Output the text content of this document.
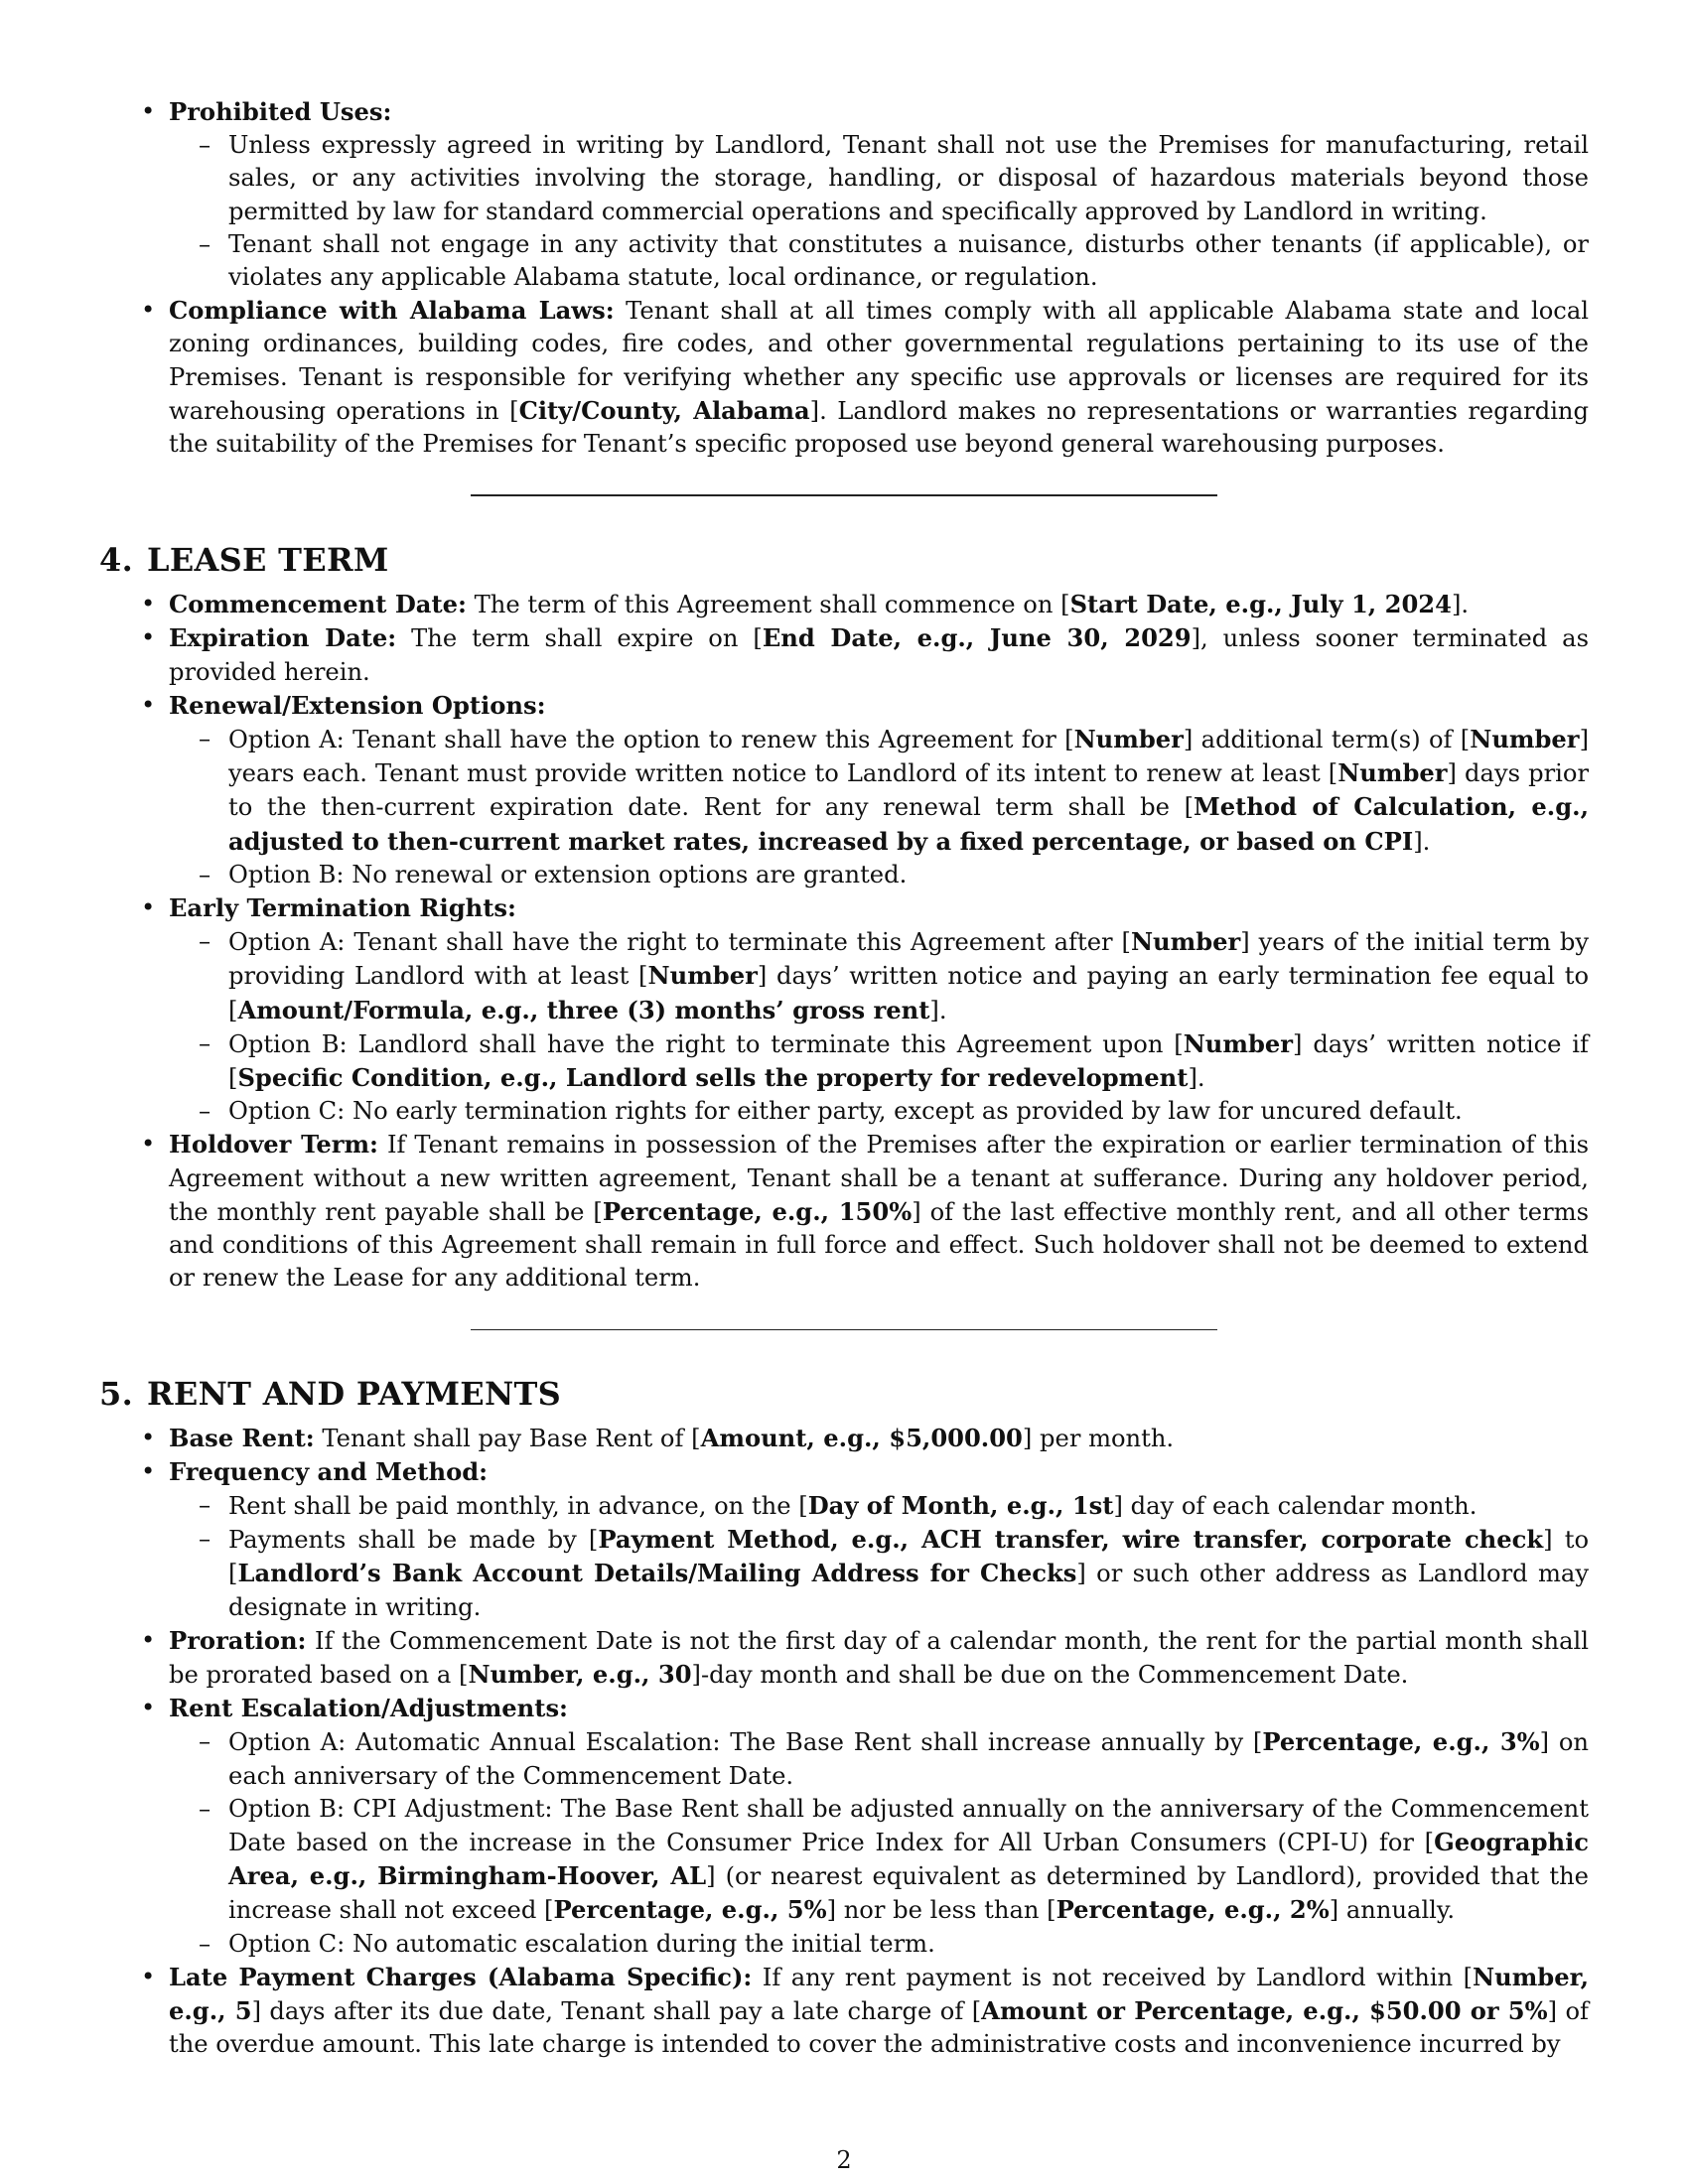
• Prohibited Uses:
– Unless expressly agreed in writing by Landlord, Tenant shall not use the Premises for manufacturing, retail sales, or any activities involving the storage, handling, or disposal of hazardous materials beyond those permitted by law for standard commercial operations and specifically approved by Landlord in writing.
– Tenant shall not engage in any activity that constitutes a nuisance, disturbs other tenants (if applicable), or violates any applicable Alabama statute, local ordinance, or regulation.
• Compliance with Alabama Laws: Tenant shall at all times comply with all applicable Alabama state and local zoning ordinances, building codes, fire codes, and other governmental regulations pertaining to its use of the Premises. Tenant is responsible for verifying whether any specific use approvals or licenses are required for its warehousing operations in [City/County, Alabama]. Landlord makes no representations or warranties regarding the suitability of the Premises for Tenant’s specific proposed use beyond general warehousing purposes.
4. LEASE TERM
• Commencement Date: The term of this Agreement shall commence on [Start Date, e.g., July 1, 2024].
• Expiration Date: The term shall expire on [End Date, e.g., June 30, 2029], unless sooner terminated as provided herein.
• Renewal/Extension Options:
– Option A: Tenant shall have the option to renew this Agreement for [Number] additional term(s) of [Number] years each. Tenant must provide written notice to Landlord of its intent to renew at least [Number] days prior to the then-current expiration date. Rent for any renewal term shall be [Method of Calculation, e.g., adjusted to then-current market rates, increased by a fixed percentage, or based on CPI].
– Option B: No renewal or extension options are granted.
• Early Termination Rights:
– Option A: Tenant shall have the right to terminate this Agreement after [Number] years of the initial term by providing Landlord with at least [Number] days’ written notice and paying an early termination fee equal to [Amount/Formula, e.g., three (3) months’ gross rent].
– Option B: Landlord shall have the right to terminate this Agreement upon [Number] days’ written notice if [Specific Condition, e.g., Landlord sells the property for redevelopment].
– Option C: No early termination rights for either party, except as provided by law for uncured default.
• Holdover Term: If Tenant remains in possession of the Premises after the expiration or earlier termination of this Agreement without a new written agreement, Tenant shall be a tenant at sufferance. During any holdover period, the monthly rent payable shall be [Percentage, e.g., 150%] of the last effective monthly rent, and all other terms and conditions of this Agreement shall remain in full force and effect. Such holdover shall not be deemed to extend or renew the Lease for any additional term.
5. RENT AND PAYMENTS
• Base Rent: Tenant shall pay Base Rent of [Amount, e.g., $5,000.00] per month.
• Frequency and Method:
– Rent shall be paid monthly, in advance, on the [Day of Month, e.g., 1st] day of each calendar month.
– Payments shall be made by [Payment Method, e.g., ACH transfer, wire transfer, corporate check] to [Landlord’s Bank Account Details/Mailing Address for Checks] or such other address as Landlord may designate in writing.
• Proration: If the Commencement Date is not the first day of a calendar month, the rent for the partial month shall be prorated based on a [Number, e.g., 30]-day month and shall be due on the Commencement Date.
• Rent Escalation/Adjustments:
– Option A: Automatic Annual Escalation: The Base Rent shall increase annually by [Percentage, e.g., 3%] on each anniversary of the Commencement Date.
– Option B: CPI Adjustment: The Base Rent shall be adjusted annually on the anniversary of the Commencement Date based on the increase in the Consumer Price Index for All Urban Consumers (CPI-U) for [Geographic Area, e.g., Birmingham-Hoover, AL] (or nearest equivalent as determined by Landlord), provided that the increase shall not exceed [Percentage, e.g., 5%] nor be less than [Percentage, e.g., 2%] annually.
– Option C: No automatic escalation during the initial term.
• Late Payment Charges (Alabama Specific): If any rent payment is not received by Landlord within [Number, e.g., 5] days after its due date, Tenant shall pay a late charge of [Amount or Percentage, e.g., $50.00 or 5%] of the overdue amount. This late charge is intended to cover the administrative costs and inconvenience incurred by
2
